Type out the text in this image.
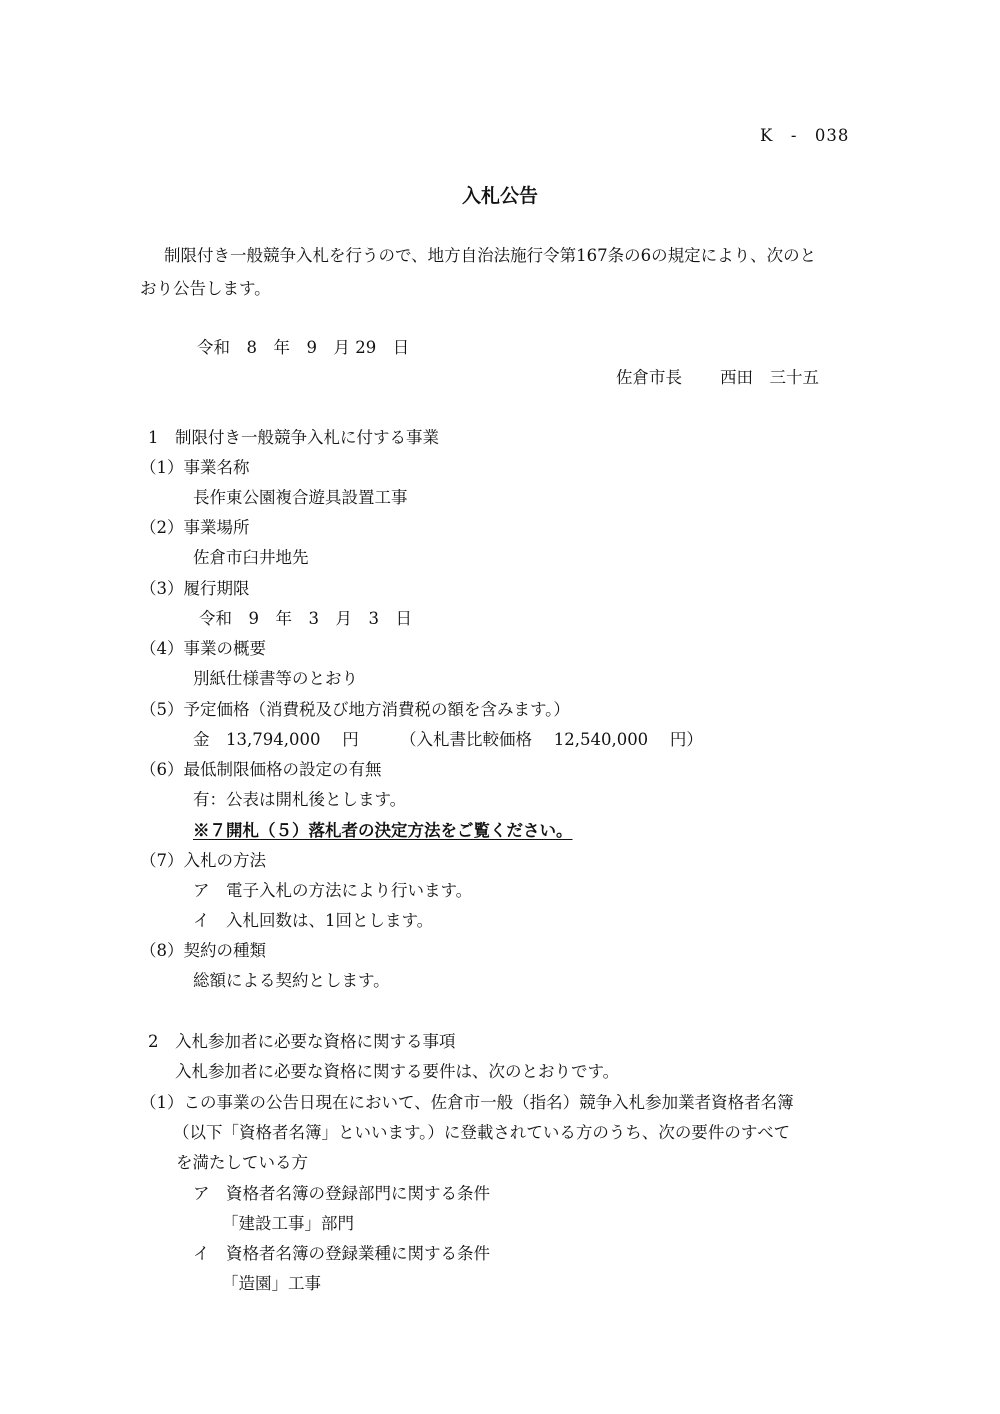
K　-　038
入札公告
制限付き一般競争入札を行うので、地方自治法施行令第167条の6の規定により、次のと
おり公告します。
令和　8　年　9　月 29　日
佐倉市長 西田　三十五
1　制限付き一般競争入札に付する事業
（1）事業名称
長作東公園複合遊具設置工事
（2）事業場所
佐倉市臼井地先
（3）履行期限
令和　9　年　3　月　3　日
（4）事業の概要
別紙仕様書等のとおり
（5）予定価格（消費税及び地方消費税の額を含みます。）
金　13,794,000　 円　　　（入札書比較価格　 12,540,000　 円）
（6）最低制限価格の設定の有無
有：公表は開札後とします。
※７開札（５）落札者の決定方法をご覧ください。
（7）入札の方法
ア　電子入札の方法により行います。
イ　入札回数は、1回とします。
（8）契約の種類
総額による契約とします。
2　入札参加者に必要な資格に関する事項
入札参加者に必要な資格に関する要件は、次のとおりです。
（1）この事業の公告日現在において、佐倉市一般（指名）競争入札参加業者資格者名簿
（以下「資格者名簿」といいます。）に登載されている方のうち、次の要件のすべて
を満たしている方
ア　資格者名簿の登録部門に関する条件
「建設工事」部門
イ　資格者名簿の登録業種に関する条件
「造園」工事
